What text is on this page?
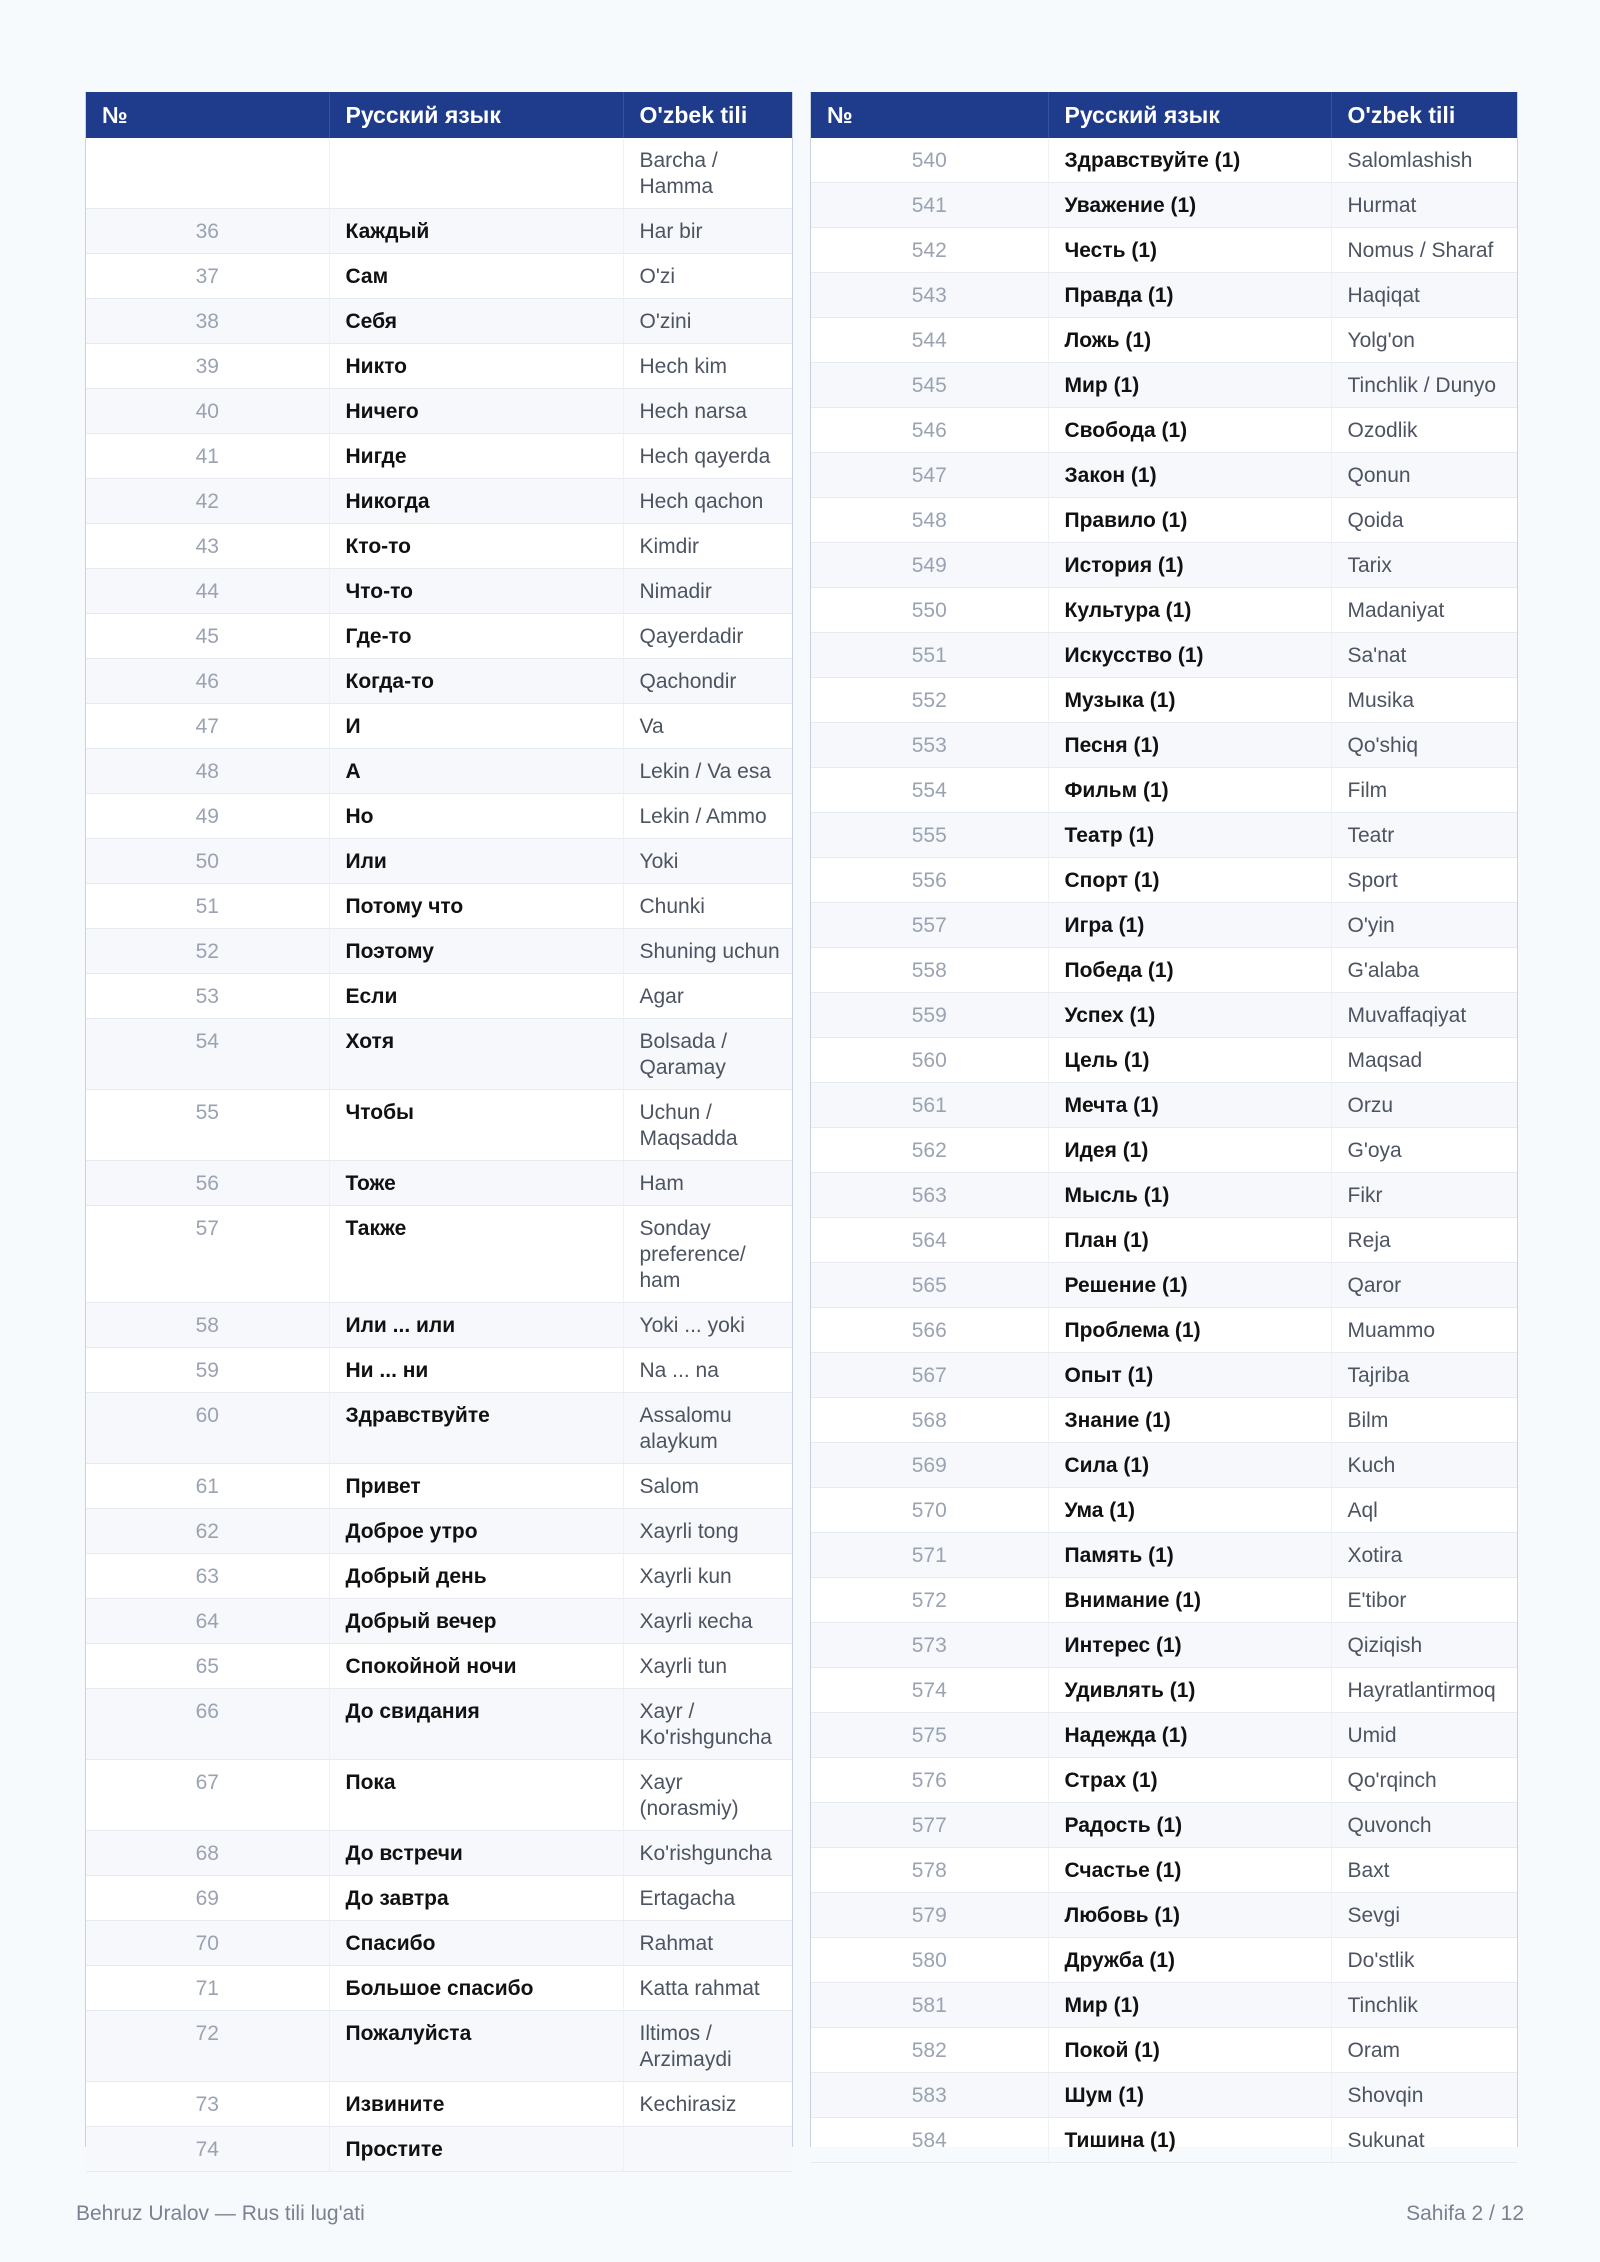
№	Русский язык	O'zbek tili
		Barcha / Hamma
36	Каждый	Har bir
37	Сам	O'zi
38	Себя	O'zini
39	Никто	Hech kim
40	Ничего	Hech narsa
41	Нигде	Hech qayerda
42	Никогда	Hech qachon
43	Кто-то	Kimdir
44	Что-то	Nimadir
45	Где-то	Qayerdadir
46	Когда-то	Qachondir
47	И	Va
48	А	Lekin / Va esa
49	Но	Lekin / Ammo
50	Или	Yoki
51	Потому что	Chunki
52	Поэтому	Shuning uchun
53	Если	Agar
54	Хотя	Bolsada / Qaramay
55	Чтобы	Uchun / Maqsadda
56	Тоже	Ham
57	Также	Sonday preference/ ham
58	Или ... или	Yoki ... yoki
59	Ни ... ни	Na ... na
60	Здравствуйте	Assalomu alaykum
61	Привет	Salom
62	Доброе утро	Xayrli tong
63	Добрый день	Xayrli kun
64	Добрый вечер	Xayrli кecha
65	Спокойной ночи	Xayrli tun
66	До свидания	Xayr / Ko'rishguncha
67	Пока	Xayr (norasmiy)
68	До встречи	Ko'rishguncha
69	До завтра	Ertagacha
70	Спасибо	Rahmat
71	Большое спасибо	Katta rahmat
72	Пожалуйста	Iltimos / Arzimaydi
73	Извините	Kechirasiz
74	Простите	
№	Русский язык	O'zbek tili
540	Здравствуйте (1)	Salomlashish
541	Уважение (1)	Hurmat
542	Честь (1)	Nomus / Sharaf
543	Правда (1)	Haqiqat
544	Ложь (1)	Yolg'on
545	Мир (1)	Tinchlik / Dunyo
546	Свобода (1)	Ozodlik
547	Закон (1)	Qonun
548	Правило (1)	Qoida
549	История (1)	Tarix
550	Культура (1)	Madaniyat
551	Искусство (1)	Sa'nat
552	Музыка (1)	Musika
553	Песня (1)	Qo'shiq
554	Фильм (1)	Film
555	Театр (1)	Teatr
556	Спорт (1)	Sport
557	Игра (1)	O'yin
558	Победа (1)	G'alaba
559	Успех (1)	Muvaffaqiyat
560	Цель (1)	Maqsad
561	Мечта (1)	Orzu
562	Идея (1)	G'oya
563	Мысль (1)	Fikr
564	План (1)	Reja
565	Решение (1)	Qaror
566	Проблема (1)	Muammo
567	Опыт (1)	Tajriba
568	Знание (1)	Bilm
569	Сила (1)	Kuch
570	Ума (1)	Aql
571	Память (1)	Xotira
572	Внимание (1)	E'tibor
573	Интерес (1)	Qiziqish
574	Удивлять (1)	Hayratlantirmoq
575	Надежда (1)	Umid
576	Страх (1)	Qo'rqinch
577	Радость (1)	Quvonch
578	Счастье (1)	Baxt
579	Любовь (1)	Sevgi
580	Дружба (1)	Do'stlik
581	Мир (1)	Tinchlik
582	Покой (1)	Oram
583	Шум (1)	Shovqin
584	Тишина (1)	Sukunat
Behruz Uralov — Rus tili lug'ati	Sahifa 2 / 12
